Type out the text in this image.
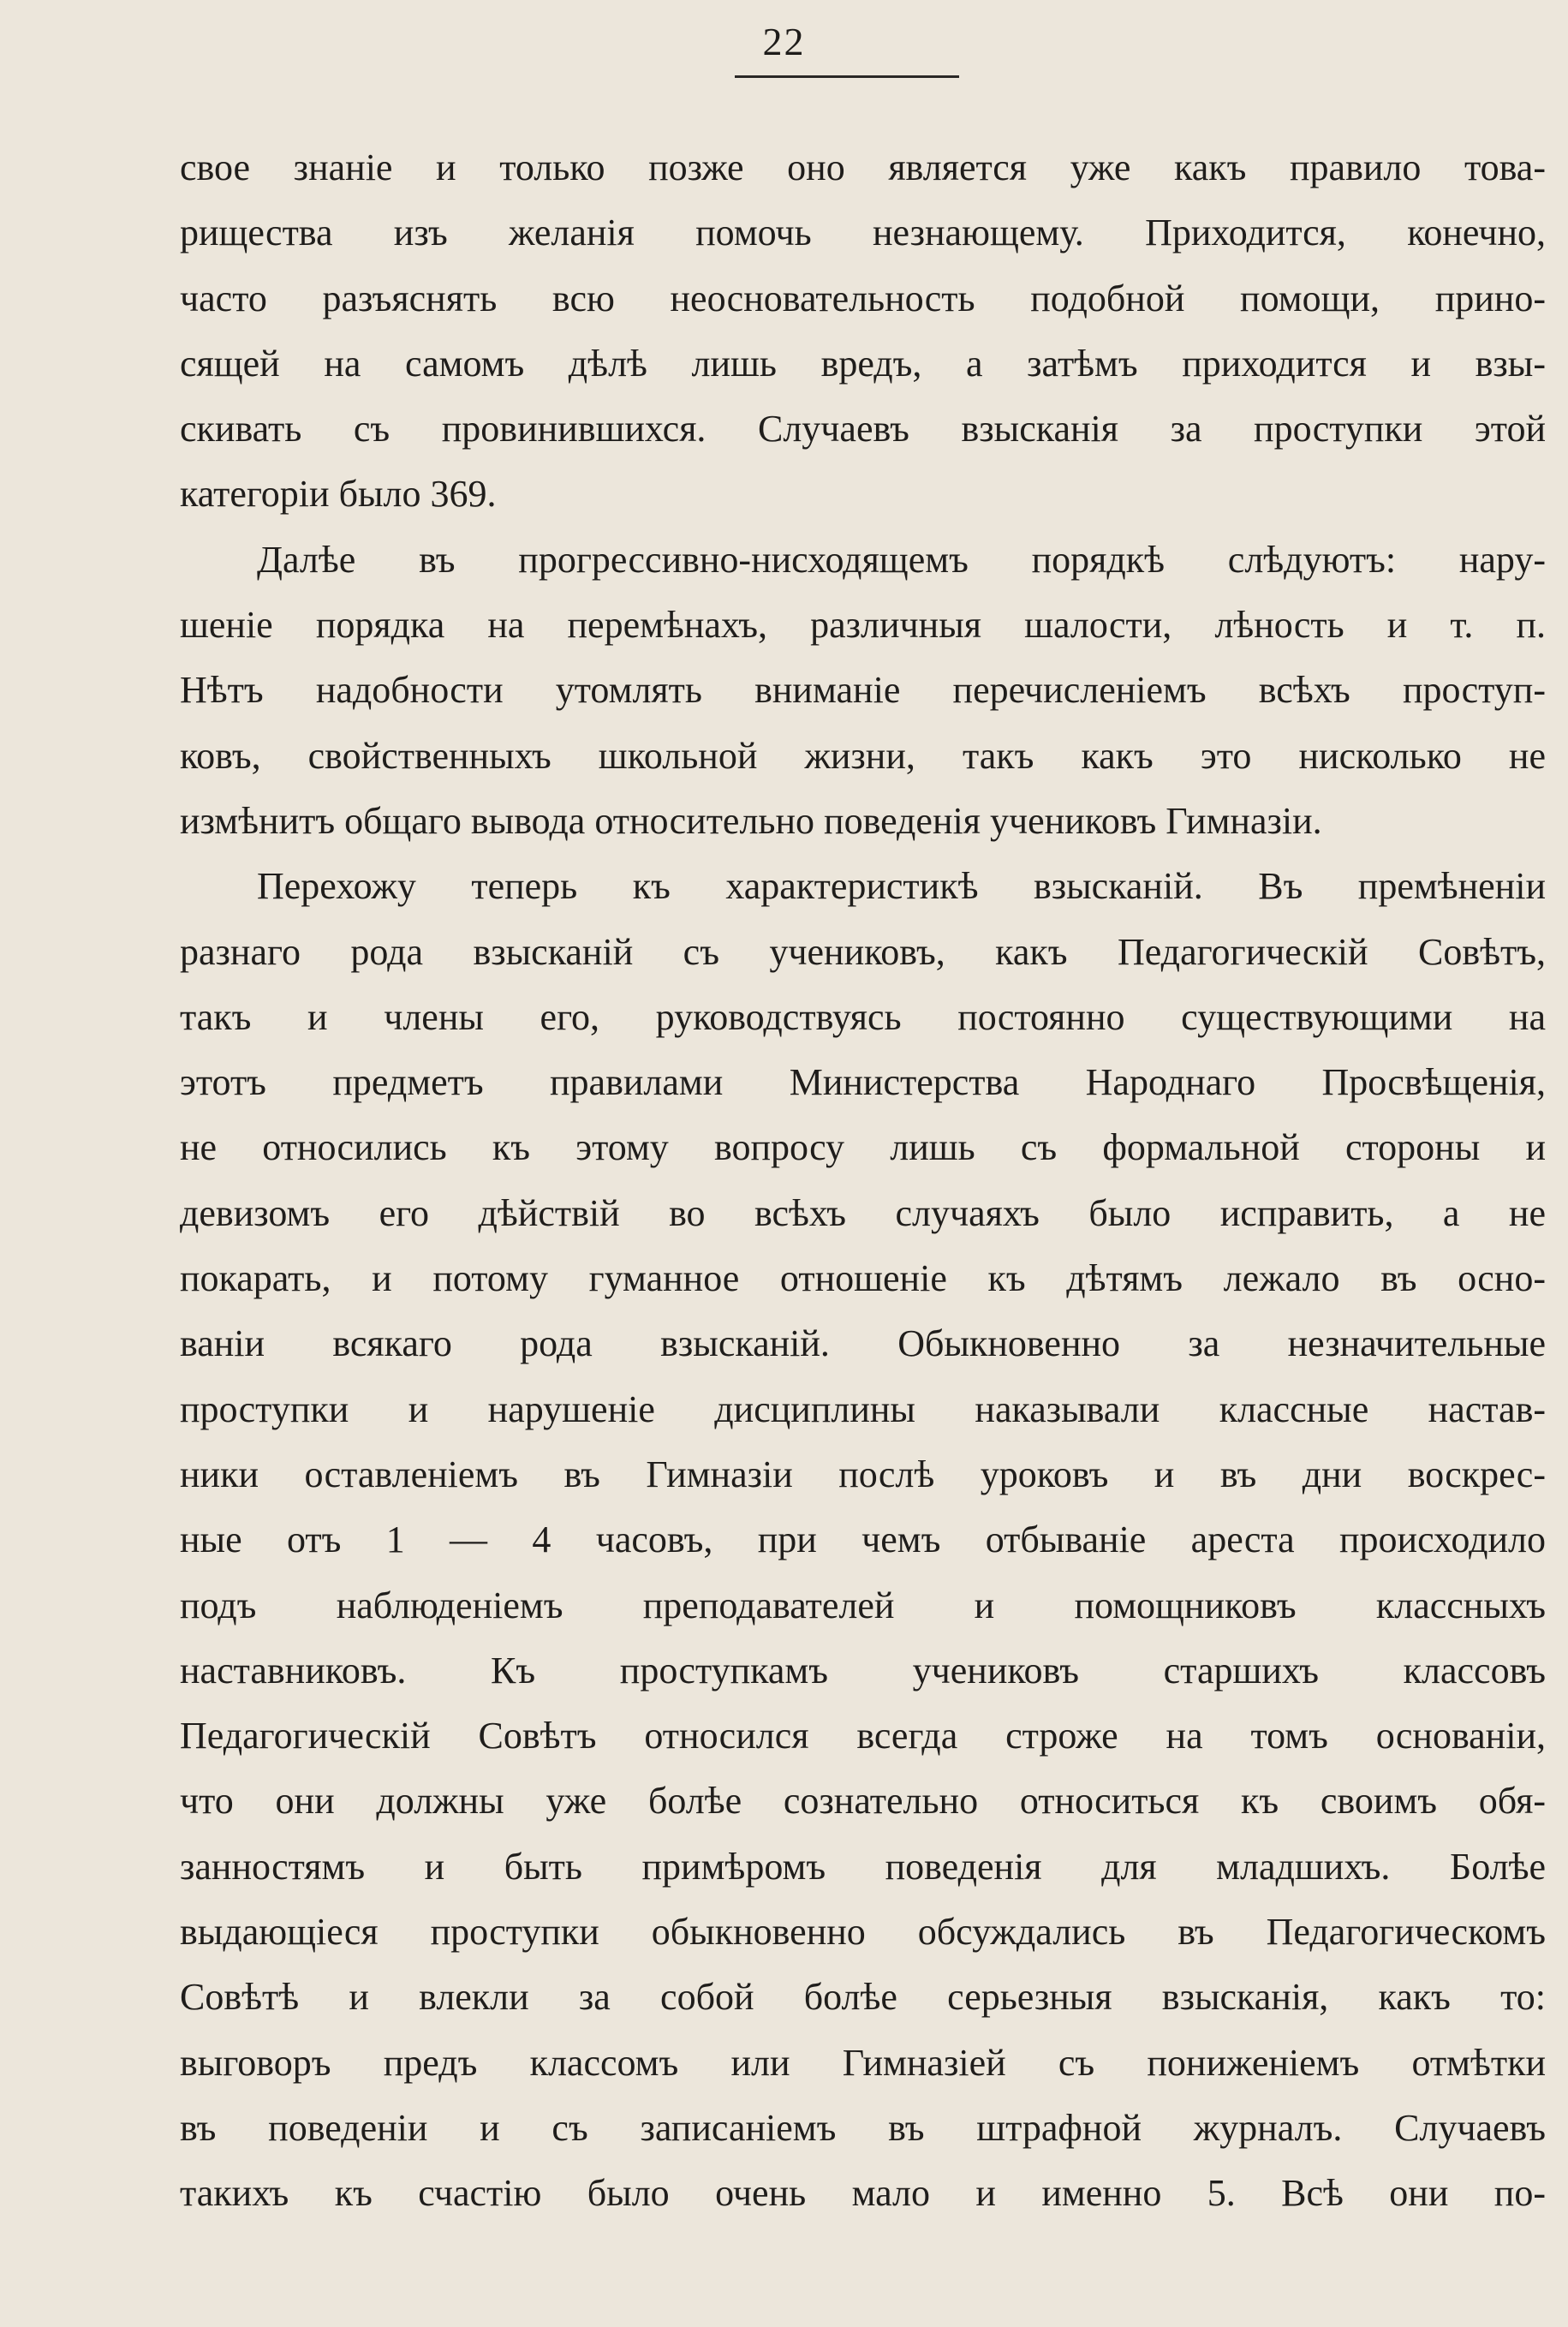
22
свое знаніе и только позже оно является уже какъ правило това-
рищества изъ желанія помочь незнающему. Приходится, конечно,
часто разъяснять всю неосновательность подобной помощи, прино-
сящей на самомъ дѣлѣ лишь вредъ, а затѣмъ приходится и взы-
скивать съ провинившихся. Случаевъ взысканія за проступки этой
категоріи было 369.
Далѣе въ прогрессивно-нисходящемъ порядкѣ слѣдуютъ: нару-
шеніе порядка на перемѣнахъ, различныя шалости, лѣность и т. п.
Нѣтъ надобности утомлять вниманіе перечисленіемъ всѣхъ проступ-
ковъ, свойственныхъ школьной жизни, такъ какъ это нисколько не
измѣнитъ общаго вывода относительно поведенія учениковъ Гимназіи.
Перехожу теперь къ характеристикѣ взысканій. Въ премѣненіи
разнаго рода взысканій съ учениковъ, какъ Педагогическій Совѣтъ,
такъ и члены его, руководствуясь постоянно существующими на
этотъ предметъ правилами Министерства Народнаго Просвѣщенія,
не относились къ этому вопросу лишь съ формальной стороны и
девизомъ его дѣйствій во всѣхъ случаяхъ было исправить, а не
покарать, и потому гуманное отношеніе къ дѣтямъ лежало въ осно-
ваніи всякаго рода взысканій. Обыкновенно за незначительные
проступки и нарушеніе дисциплины наказывали классные настав-
ники оставленіемъ въ Гимназіи послѣ уроковъ и въ дни воскрес-
ные отъ 1 — 4 часовъ, при чемъ отбываніе ареста происходило
подъ наблюденіемъ преподавателей и помощниковъ классныхъ
наставниковъ. Къ проступкамъ учениковъ старшихъ классовъ
Педагогическій Совѣтъ относился всегда строже на томъ основаніи,
что они должны уже болѣе сознательно относиться къ своимъ обя-
занностямъ и быть примѣромъ поведенія для младшихъ. Болѣе
выдающіеся проступки обыкновенно обсуждались въ Педагогическомъ
Совѣтѣ и влекли за собой болѣе серьезныя взысканія, какъ то:
выговоръ предъ классомъ или Гимназіей съ пониженіемъ отмѣтки
въ поведеніи и съ записаніемъ въ штрафной журналъ. Случаевъ
такихъ къ счастію было очень мало и именно 5. Всѣ они по-
